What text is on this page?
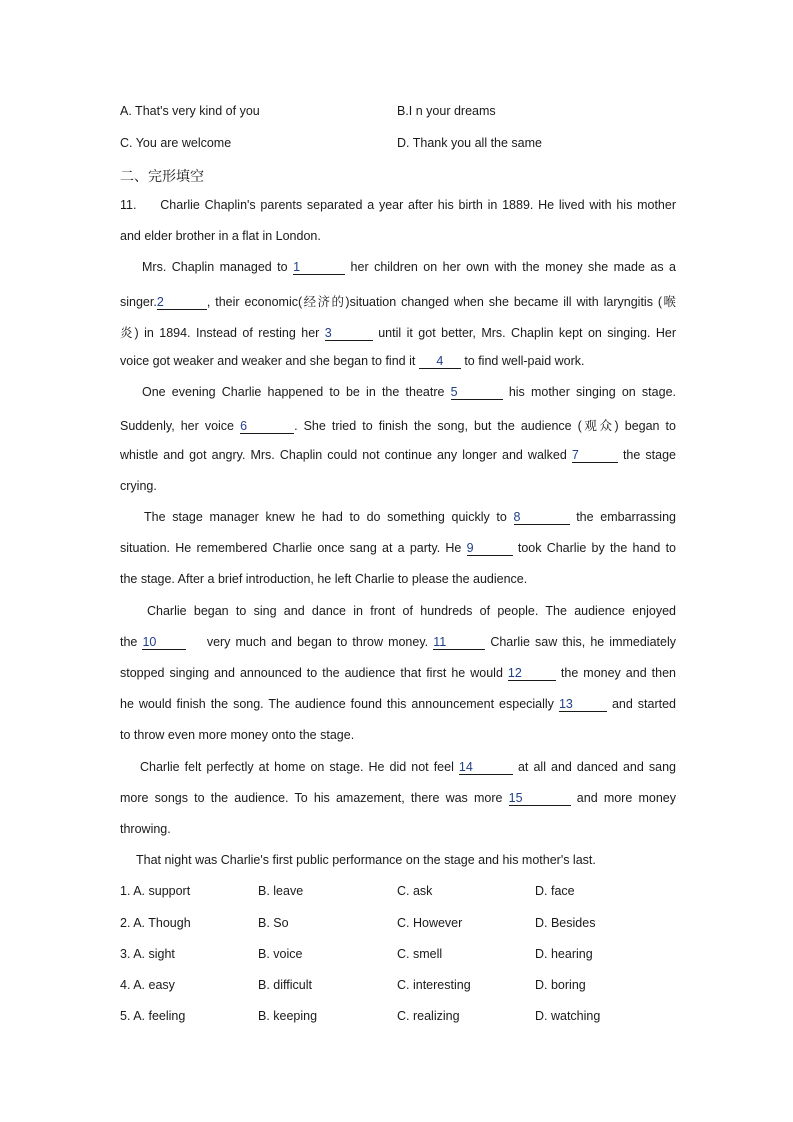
A. That's very kind of you	B.I n your dreams
C. You are welcome	D. Thank you all the same
二、完形填空
11. Charlie Chaplin's parents separated a year after his birth in 1889. He lived with his mother
and elder brother in a flat in London.
Mrs. Chaplin managed to 1	her children on her own with the money she made as a
singer.2	, their economic(经济的)situation changed when she became ill with laryngitis (喉
炎) in 1894. Instead of resting her 3	until it got better, Mrs. Chaplin kept on singing. Her
voice got weaker and weaker and she began to find it 4 to find well-paid work.
One evening Charlie happened to be in the theatre 5	his mother singing on stage.
Suddenly, her voice 6	. She tried to finish the song, but the audience (观众) began to
whistle and got angry. Mrs. Chaplin could not continue any longer and walked 7	the stage
crying.
The stage manager knew he had to do something quickly to 8	the embarrassing
situation. He remembered Charlie once sang at a party. He 9	took Charlie by the hand to
the stage. After a brief introduction, he left Charlie to please the audience.
Charlie began to sing and dance in front of hundreds of people. The audience enjoyed
the 10	very much and began to throw money. 11	Charlie saw this, he immediately
stopped singing and announced to the audience that first he would 12	the money and then
he would finish the song. The audience found this announcement especially 13	and started
to throw even more money onto the stage.
Charlie felt perfectly at home on stage. He did not feel 14	at all and danced and sang
more songs to the audience. To his amazement, there was more 15	and more money
throwing.
That night was Charlie's first public performance on the stage and his mother's last.
1. A. support	B. leave	C. ask	D. face
2. A. Though	B. So	C. However	D. Besides
3. A. sight	B. voice	C. smell	D. hearing
4. A. easy	B. difficult	C. interesting	D. boring
5. A. feeling	B. keeping	C. realizing	D. watching
